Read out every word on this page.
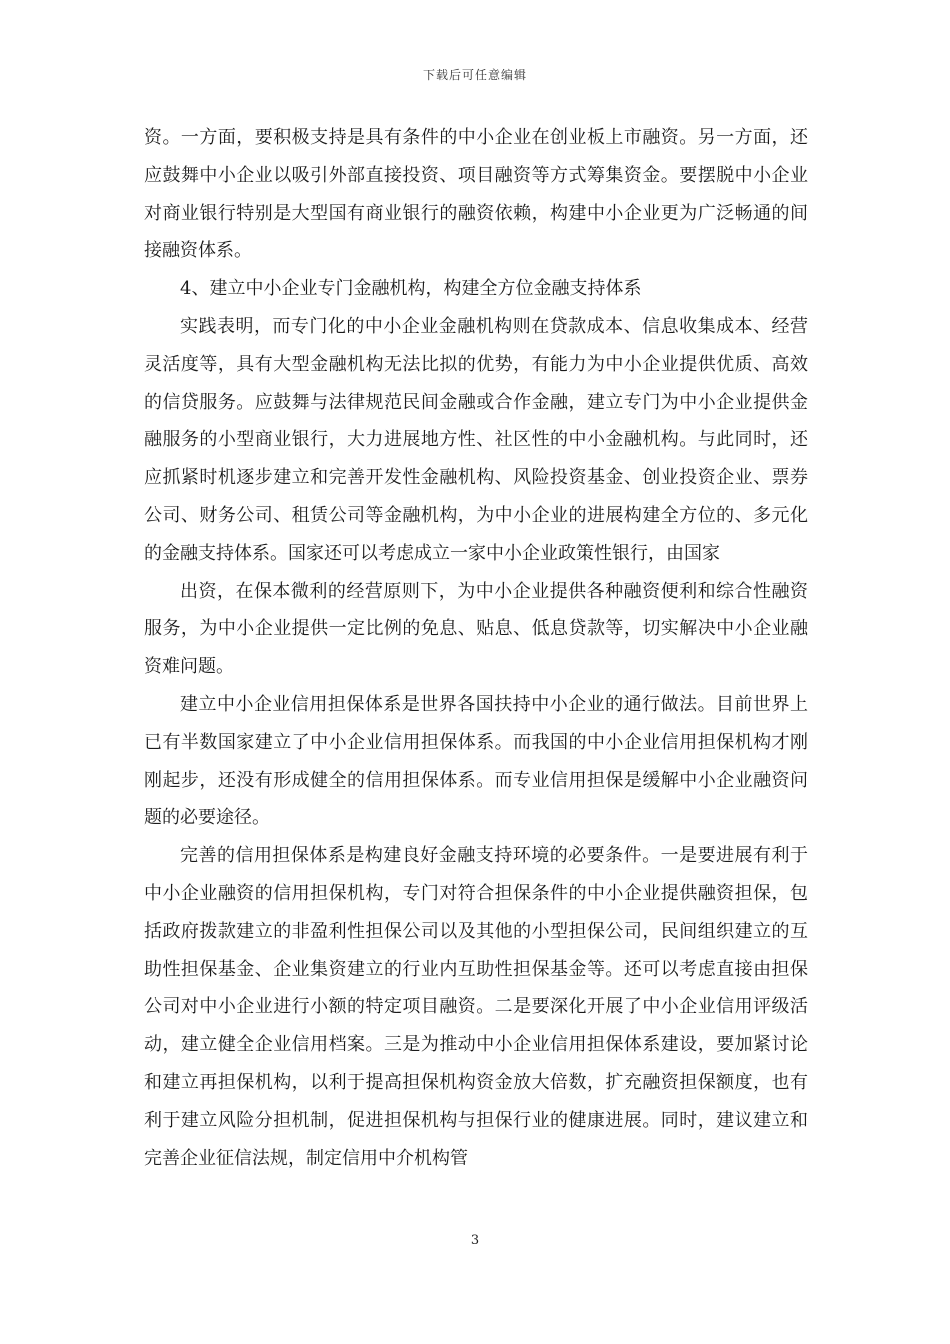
下载后可任意编辑

资。一方面，要积极支持是具有条件的中小企业在创业板上市融资。另一方面，还应鼓舞中小企业以吸引外部直接投资、项目融资等方式筹集资金。要摆脱中小企业对商业银行特别是大型国有商业银行的融资依赖，构建中小企业更为广泛畅通的间接融资体系。

4、建立中小企业专门金融机构，构建全方位金融支持体系

实践表明，而专门化的中小企业金融机构则在贷款成本、信息收集成本、经营灵活度等，具有大型金融机构无法比拟的优势，有能力为中小企业提供优质、高效的信贷服务。应鼓舞与法律规范民间金融或合作金融，建立专门为中小企业提供金融服务的小型商业银行，大力进展地方性、社区性的中小金融机构。与此同时，还应抓紧时机逐步建立和完善开发性金融机构、风险投资基金、创业投资企业、票券公司、财务公司、租赁公司等金融机构，为中小企业的进展构建全方位的、多元化的金融支持体系。国家还可以考虑成立一家中小企业政策性银行，由国家

出资，在保本微利的经营原则下，为中小企业提供各种融资便利和综合性融资服务，为中小企业提供一定比例的免息、贴息、低息贷款等，切实解决中小企业融资难问题。

建立中小企业信用担保体系是世界各国扶持中小企业的通行做法。目前世界上已有半数国家建立了中小企业信用担保体系。而我国的中小企业信用担保机构才刚刚起步，还没有形成健全的信用担保体系。而专业信用担保是缓解中小企业融资问题的必要途径。

完善的信用担保体系是构建良好金融支持环境的必要条件。一是要进展有利于中小企业融资的信用担保机构，专门对符合担保条件的中小企业提供融资担保，包括政府拨款建立的非盈利性担保公司以及其他的小型担保公司，民间组织建立的互助性担保基金、企业集资建立的行业内互助性担保基金等。还可以考虑直接由担保公司对中小企业进行小额的特定项目融资。二是要深化开展了中小企业信用评级活动，建立健全企业信用档案。三是为推动中小企业信用担保体系建设，要加紧讨论和建立再担保机构，以利于提高担保机构资金放大倍数，扩充融资担保额度，也有利于建立风险分担机制，促进担保机构与担保行业的健康进展。同时，建议建立和完善企业征信法规，制定信用中介机构管

3
